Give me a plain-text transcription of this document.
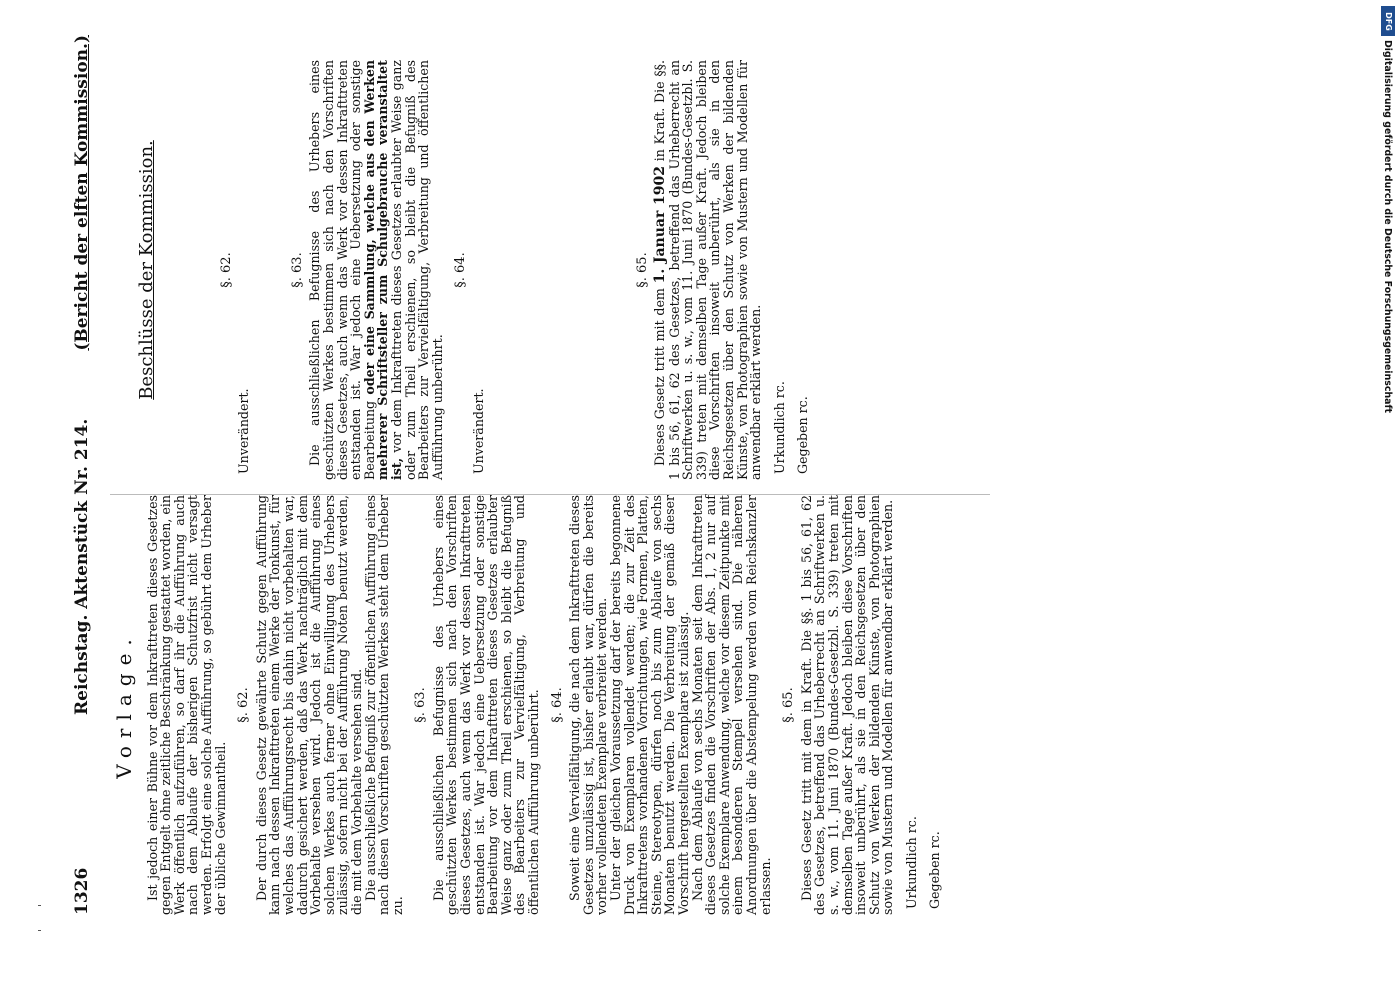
1326
Reichstag. Aktenstück Nr. 214.
(Bericht der elften Kommission.)
Vorlage. Ist jedoch einer Bühne vor dem Inkrafttreten dieses Gesetzes gegen Entgelt ohne zeitliche Beschränkung gestattet worden, ein Werk öffentlich aufzuführen, so darf ihr die Aufführung auch nach dem Ablaufe der bisherigen Schutzfrist nicht versagt werden. Erfolgt eine solche Aufführung, so gebührt dem Urheber der übliche Gewinnantheil.

§. 62. Der durch dieses Gesetz gewährte Schutz gegen Aufführung kann nach dessen Inkrafttreten einem Werke der Tonkunst, für welches das Aufführungsrecht bis dahin nicht vorbehalten war, dadurch gesichert werden, daß das Werk nachträglich mit dem Vorbehalte versehen wird. Jedoch ist die Aufführung eines solchen Werkes auch ferner ohne Einwilligung des Urhebers zulässig, sofern nicht bei der Aufführung Noten benutzt werden, die mit dem Vorbehalte versehen sind.

Die ausschließliche Befugniß zur öffentlichen Aufführung eines nach diesen Vorschriften geschützten Werkes steht dem Urheber zu.

§. 63. Die ausschließlichen Befugnisse des Urhebers eines geschützten Werkes bestimmen sich nach den Vorschriften dieses Gesetzes, auch wenn das Werk vor dessen Inkrafttreten entstanden ist. War jedoch eine Uebersetzung oder sonstige Bearbeitung vor dem Inkrafttreten dieses Gesetzes erlaubter Weise ganz oder zum Theil erschienen, so bleibt die Befugniß des Bearbeiters zur Vervielfältigung, Verbreitung und öffentlichen Aufführung unberührt. §. 64. Soweit eine Vervielfältigung, die nach dem Inkrafttreten dieses Gesetzes unzulässig ist, bisher erlaubt war, dürfen die bereits vorher vollendeten Exemplare verbreitet werden.

Unter der gleichen Voraussetzung darf der bereits begonnene Druck von Exemplaren vollendet werden; die zur Zeit des Inkrafttretens vorhandenen Vorrichtungen, wie Formen, Platten, Steine, Stereotypen, dürfen noch bis zum Ablaufe von sechs Monaten benutzt werden. Die Verbreitung der gemäß dieser Vorschrift hergestellten Exemplare ist zulässig.

Nach dem Ablaufe von sechs Monaten seit dem Inkrafttreten dieses Gesetzes finden die Vorschriften der Abs. 1, 2 nur auf solche Exemplare Anwendung, welche vor diesem Zeitpunkte mit einem besonderen Stempel versehen sind. Die näheren Anordnungen über die Abstempelung werden vom Reichskanzler erlassen.

§. 65. Dieses Gesetz tritt mit dem in Kraft. Die §§. 1 bis 56, 61, 62 des Gesetzes, betreffend das Urheberrecht an Schriftwerken u. s. w., vom 11. Juni 1870 (Bundes-Gesetzbl. S. 339) treten mit demselben Tage außer Kraft. Jedoch bleiben diese Vorschriften insoweit unberührt, als sie in den Reichsgesetzen über den Schutz von Werken der bildenden Künste, von Photographien sowie von Mustern und Modellen für anwendbar erklärt werden. Urkundlich rc. Gegeben rc.
Beschlüsse der Kommission.	§. 62.
Unverändert.
§. 63. Die ausschließlichen Befugnisse des Urhebers eines geschützten Werkes bestimmen sich nach den Vorschriften dieses Gesetzes, auch wenn das Werk vor dessen Inkrafttreten entstanden ist. War jedoch eine Uebersetzung oder sonstige Bearbeitung oder eine Sammlung, welche aus den Werken mehrerer Schriftsteller zum Schulgebrauche veranstaltet ist, vor dem Inkrafttreten dieses Gesetzes erlaubter Weise ganz oder zum Theil erschienen, so bleibt die Befugniß des Bearbeiters zur Vervielfältigung, Verbreitung und öffentlichen Aufführung unberührt.

§. 64.
Unverändert.
§. 65.

Dieses Gesetz tritt mit dem 1. Januar 1902 in Kraft. Die §§. 1 bis 56, 61, 62 des Gesetzes, betreffend das Urheberrecht an Schriftwerken u. s. w., vom 11. Juni 1870 (Bundes-Gesetzbl. S. 339) treten mit demselben Tage außer Kraft. Jedoch bleiben diese Vorschriften insoweit unberührt, als sie in den Reichsgesetzen über den Schutz von Werken der bildenden Künste, von Photographien sowie von Mustern und Modellen für anwendbar erklärt werden. Urkundlich rc. Gegeben rc.
DFG
Digitalisierung gefördert durch die Deutsche Forschungsgemeinschaft
